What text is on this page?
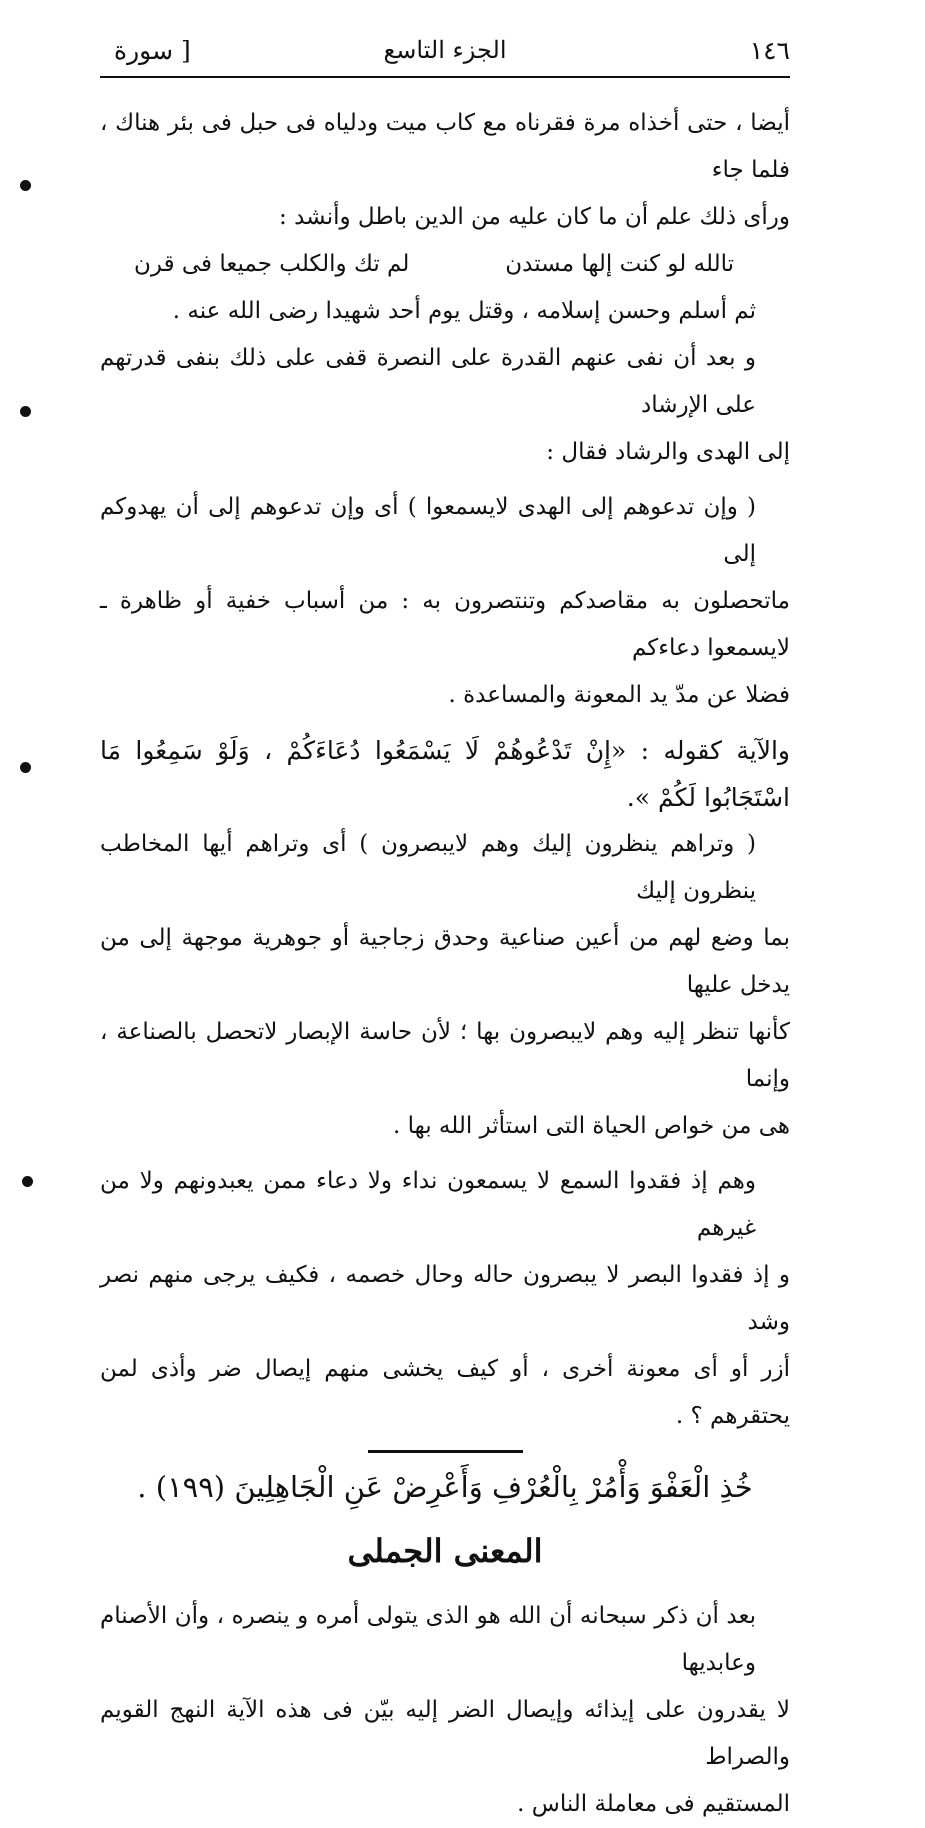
١٤٦
الجزء التاسع
سورة ]
أيضا ، حتى أخذاه مرة فقرناه مع كاب ميت ودلياه فى حبل فى بئر هناك ، فلما جاء
ورأى ذلك علم أن ما كان عليه من الدين باطل وأنشد :
تالله لو كنت إلها مستدن
لم تك والكلب جميعا فى قرن
ثم أسلم وحسن إسلامه ، وقتل يوم أحد شهيدا رضى الله عنه .
و بعد أن نفى عنهم القدرة على النصرة قفى على ذلك بنفى قدرتهم على الإرشاد
إلى الهدى والرشاد فقال :
( وإن تدعوهم إلى الهدى لايسمعوا ) أى وإن تدعوهم إلى أن يهدوكم إلى
ماتحصلون به مقاصدكم وتنتصرون به : من أسباب خفية أو ظاهرة ـ لايسمعوا دعاءكم
فضلا عن مدّ يد المعونة والمساعدة .
والآية كقوله : «إِنْ تَدْعُوهُمْ لَا يَسْمَعُوا دُعَاءَكُمْ ، وَلَوْ سَمِعُوا مَا اسْتَجَابُوا لَكُمْ ».
( وتراهم ينظرون إليك وهم لايبصرون ) أى وتراهم أيها المخاطب ينظرون إليك
بما وضع لهم من أعين صناعية وحدق زجاجية أو جوهرية موجهة إلى من يدخل عليها
كأنها تنظر إليه وهم لايبصرون بها ؛ لأن حاسة الإبصار لاتحصل بالصناعة ، وإنما
هى من خواص الحياة التى استأثر الله بها .
وهم إذ فقدوا السمع لا يسمعون نداء ولا دعاء ممن يعبدونهم ولا من غيرهم
و إذ فقدوا البصر لا يبصرون حاله وحال خصمه ، فكيف يرجى منهم نصر وشد
أزر أو أى معونة أخرى ، أو كيف يخشى منهم إيصال ضر وأذى لمن يحتقرهم ؟ .
خُذِ الْعَفْوَ وَأْمُرْ بِالْعُرْفِ وَأَعْرِضْ عَنِ الْجَاهِلِينَ (١٩٩) .
المعنى الجملى
بعد أن ذكر سبحانه أن الله هو الذى يتولى أمره و ينصره ، وأن الأصنام وعابديها
لا يقدرون على إيذائه وإيصال الضر إليه بيّن فى هذه الآية النهج القويم والصراط
المستقيم فى معاملة الناس .
